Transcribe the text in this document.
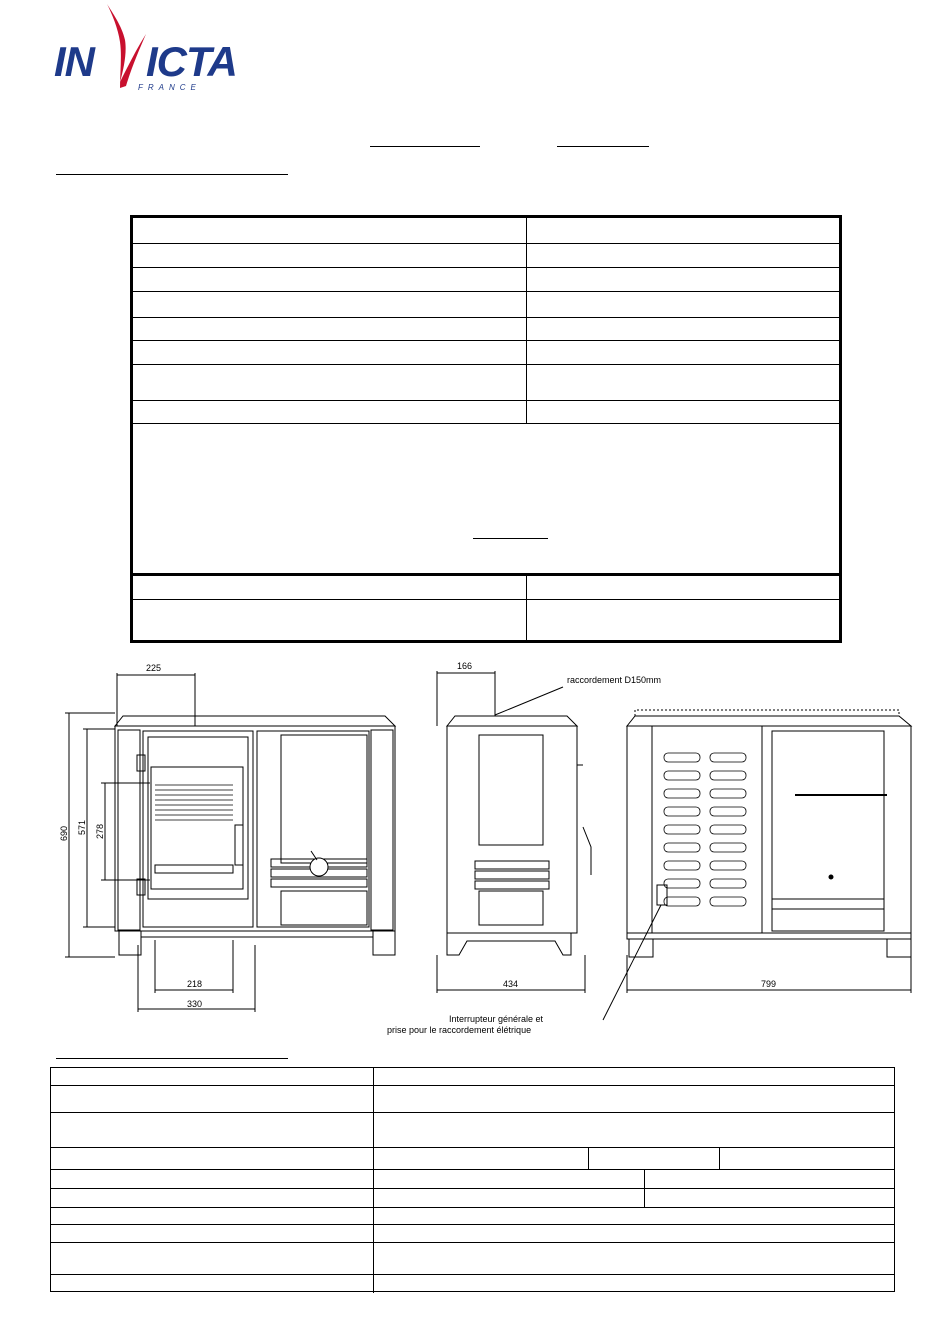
IN ICTA
FRANCE
225
690 571 278
218
330
166
raccordement D150mm
434	799
Interrupteur générale et
prise pour le raccordement élétrique
